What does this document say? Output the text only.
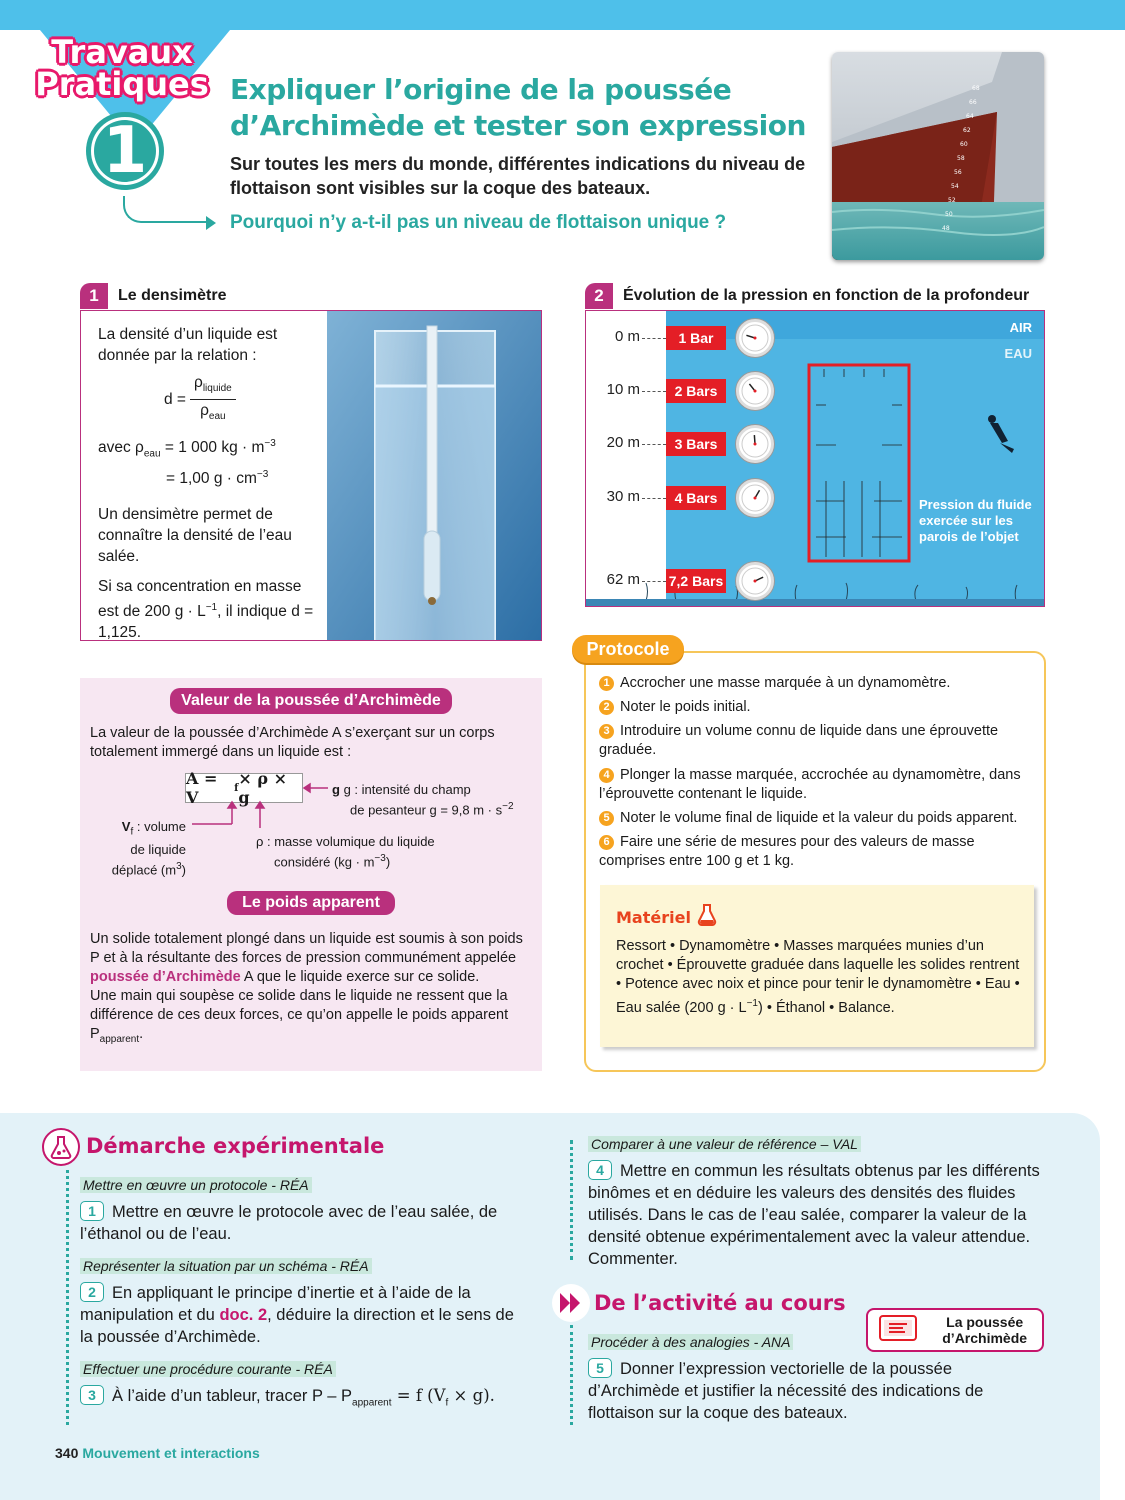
Travaux
Pratiques
1
Expliquer l’origine de la poussée
d’Archimède et tester son expression
Sur toutes les mers du monde, différentes indications du niveau de flottaison sont visibles sur la coque des bateaux.
Pourquoi n’y a-t-il pas un niveau de flottaison unique ?
68
66
64
62
60
58
56
54
52
50
48
1	Le densimètre
La densité d’un liquide est donnée par la relation :
d =
$\rho_{liquide}$
$\rho_{eau}$
avec $\rho_{eau} = 1$ 000 kg · $m^{-3}$
= 1,00 $g \cdot cm^{-3}$
Un densimètre permet de connaître la densité de l’eau salée.
Si sa concentration en masse est de 200 $g \cdot L^{-1}$, il indique d = 1,125.
2	Évolution de la pression en fonction de la profondeur
AIR
EAU
0 m	1 Bar
10 m	2 Bars
20 m	3 Bars
30 m	4 Bars
62 m 7,2 Bars
Pression du fluide exercée sur les parois de l’objet
Valeur de la poussée d’Archimède
La valeur de la poussée d’Archimède A s’exerçant sur un corps totalement immergé dans un liquide est :
A = V	f × ρ × g	g g : intensité du champ
de pesanteur g = 9,8 $m \cdot s^{-2}$
$V_f$ : volume
de liquide
déplacé $(m^3)$
ρ : masse volumique du liquide
considéré $(kg \cdot m^{-3})$
Le poids apparent
Un solide totalement plongé dans un liquide est soumis à son poids P et à la résultante des forces de pression communément appelée poussée d’Archimède A que le liquide exerce sur ce solide.
Une main qui soupèse ce solide dans le liquide ne ressent que la différence de ces deux forces, ce qu’on appelle le poids apparent $P_{apparent}$.
Protocole
1 Accrocher une masse marquée à un dynamomètre.
2 Noter le poids initial.
3 Introduire un volume connu de liquide dans une éprouvette graduée.
4 Plonger la masse marquée, accrochée au dynamomètre, dans l’éprouvette contenant le liquide.
5 Noter le volume final de liquide et la valeur du poids apparent.
6 Faire une série de mesures pour des valeurs de masse comprises entre 100 g et 1 kg.
Matériel
Ressort • Dynamomètre • Masses marquées munies d’un crochet • Éprouvette graduée dans laquelle les solides rentrent • Potence avec noix et pince pour tenir le dynamomètre • Eau • Eau salée (200 $g \cdot L^{-1}$) • Éthanol • Balance.
Démarche expérimentale
Mettre en œuvre un protocole - RÉA
1 Mettre en œuvre le protocole avec de l’eau salée, de l’éthanol ou de l’eau.
Représenter la situation par un schéma - RÉA
2 En appliquant le principe d’inertie et à l’aide de la manipulation et du doc. 2, déduire la direction et le sens de la poussée d’Archimède.
Effectuer une procédure courante - RÉA
3 À l’aide d’un tableur, tracer $P - P_{apparent} = f$ $(V_f \times g)$.
Comparer à une valeur de référence – VAL
4 Mettre en commun les résultats obtenus par les différents binômes et en déduire les valeurs des densités des fluides utilisés. Dans le cas de l’eau salée, comparer la valeur de la densité obtenue expérimentalement avec la valeur attendue. Commenter.
De l’activité au cours
La poussée
d’Archimède
Procéder à des analogies - ANA
5 Donner l’expression vectorielle de la poussée d’Archimède et justifier la nécessité des indications de flottaison sur la coque des bateaux.
340 Mouvement et interactions
